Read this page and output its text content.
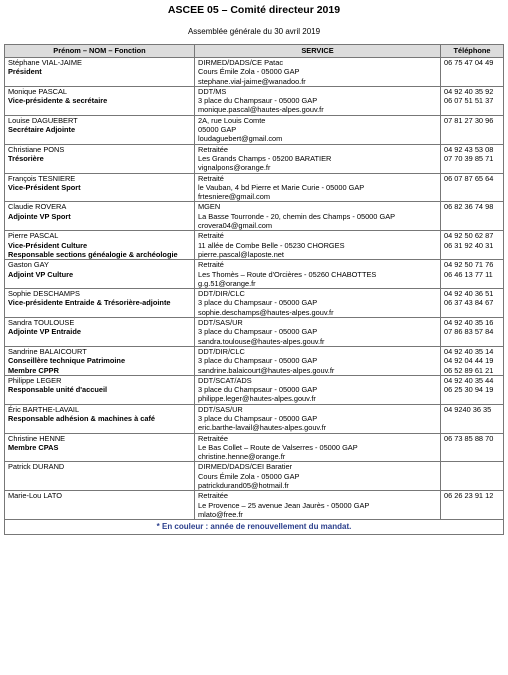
ASCEE 05 – Comité directeur 2019
Assemblée générale du 30 avril 2019
Prénom – NOM – Fonction	SERVICE	Téléphone

Stéphane VIAL-JAIME
Président	DIRMED/DADS/CE Patac
Cours Émile Zola - 05000 GAP
stephane.vial-jaime@wanadoo.fr	06 75 47 04 49

Monique PASCAL
Vice-présidente & secrétaire	DDT/MS
3 place du Champsaur - 05000 GAP
monique.pascal@hautes-alpes.gouv.fr	04 92 40 35 92
06 07 51 51 37

Louise DAGUEBERT
Secrétaire Adjointe	2A, rue Louis Comte
05000 GAP
loudaguebert@gmail.com	07 81 27 30 96

Christiane PONS
Trésorière	Retraitée
Les Grands Champs - 05200 BARATIER
vignalpons@orange.fr	04 92 43 53 08
07 70 39 85 71

François TESNIERE
Vice-Président Sport	Retraité
le Vauban, 4 bd Pierre et Marie Curie - 05000 GAP
frtesniere@gmail.com	06 07 87 65 64

Claudie ROVERA
Adjointe VP Sport	MGEN
La Basse Tourronde - 20, chemin des Champs - 05000 GAP
crovera04@gmail.com	06 82 36 74 98

Pierre PASCAL
Vice-Président Culture
Responsable sections généalogie & archéologie	Retraité
11 allée de Combe Belle - 05230 CHORGES
pierre.pascal@laposte.net	04 92 50 62 87
06 31 92 40 31

Gaston GAY
Adjoint VP Culture	Retraité
Les Thomès – Route d'Orcières - 05260 CHABOTTES
g.g.51@orange.fr	04 92 50 71 76
06 46 13 77 11

Sophie DESCHAMPS
Vice-présidente Entraide & Trésorière-adjointe	DDT/DIR/CLC
3 place du Champsaur - 05000 GAP
sophie.deschamps@hautes-alpes.gouv.fr	04 92 40 36 51
06 37 43 84 67

Sandra TOULOUSE
Adjointe VP Entraide	DDT/SAS/UR
3 place du Champsaur - 05000 GAP
sandra.toulouse@hautes-alpes.gouv.fr	04 92 40 35 16
07 86 83 57 84

Sandrine BALAICOURT
Conseillère technique Patrimoine
Membre CPPR	DDT/DIR/CLC
3 place du Champsaur - 05000 GAP
sandrine.balaicourt@hautes-alpes.gouv.fr	04 92 40 35 14
04 92 04 44 19
06 52 89 61 21

Philippe LEGER
Responsable unité d'accueil	DDT/SCAT/ADS
3 place du Champsaur - 05000 GAP
philippe.leger@hautes-alpes.gouv.fr	04 92 40 35 44
06 25 30 94 19

Éric BARTHE-LAVAIL
Responsable adhésion & machines à café	DDT/SAS/UR
3 place du Champsaur - 05000 GAP
eric.barthe-lavail@hautes-alpes.gouv.fr	04 9240 36 35

Christine HENNE
Membre CPAS	Retraitée
Le Bas Collet – Route de Valserres - 05000 GAP
christine.henne@orange.fr	06 73 85 88 70

Patrick DURAND	DIRMED/DADS/CEI Baratier
Cours Émile Zola - 05000 GAP
patrickdurand05@hotmail.fr	

Marie-Lou LATO	Retraitée
Le Provence – 25 avenue Jean Jaurès - 05000 GAP
mlato@free.fr	06 26 23 91 12

* En couleur : année de renouvellement du mandat.		
